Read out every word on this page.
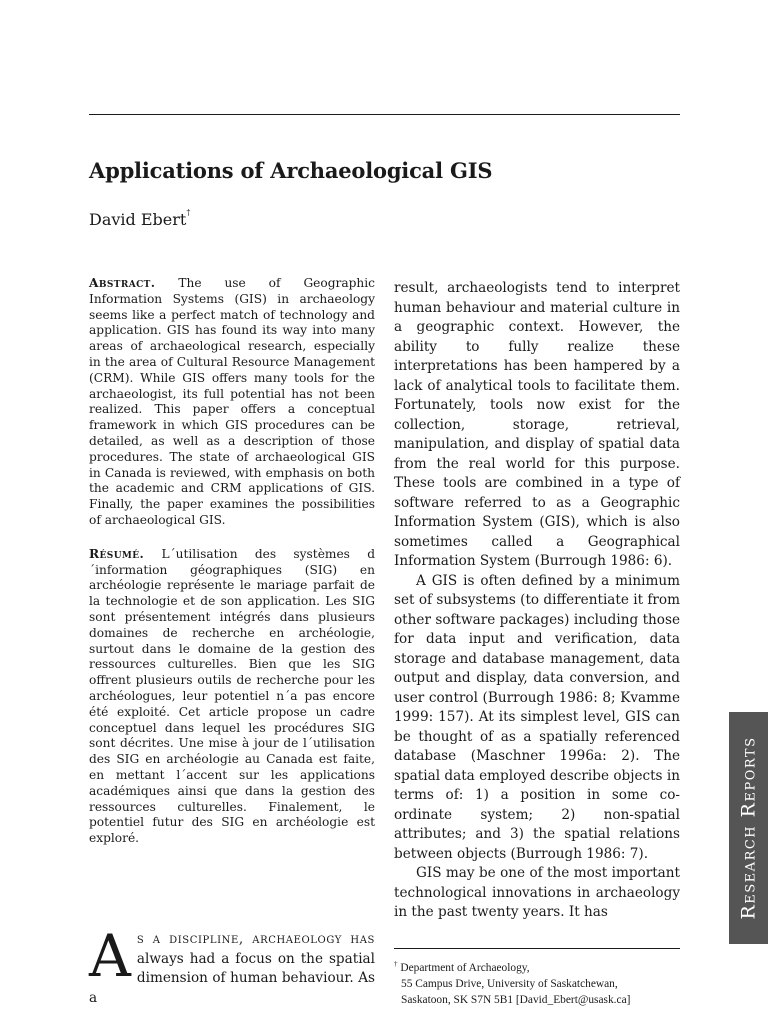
Applications of Archaeological GIS
David Ebert†

Abstract. The use of Geographic Information Systems (GIS) in archaeology seems like a perfect match of technology and application. GIS has found its way into many areas of archaeological research, especially in the area of Cultural Resource Management (CRM). While GIS offers many tools for the archaeologist, its full potential has not been realized. This paper offers a conceptual framework in which GIS procedures can be detailed, as well as a description of those procedures. The state of archaeological GIS in Canada is reviewed, with emphasis on both the academic and CRM applications of GIS. Finally, the paper examines the possibilities of archaeological GIS.

Résumé. L´utilisation des systèmes d´information géographiques (SIG) en archéologie représente le mariage parfait de la technologie et de son application. Les SIG sont présentement intégrés dans plusieurs domaines de recherche en archéologie, surtout dans le domaine de la gestion des ressources culturelles. Bien que les SIG offrent plusieurs outils de recherche pour les archéologues, leur potentiel n´a pas encore été exploité. Cet article propose un cadre conceptuel dans lequel les procédures SIG sont décrites. Une mise à jour de l´utilisation des SIG en archéologie au Canada est faite, en mettant l´accent sur les applications académiques ainsi que dans la gestion des ressources culturelles. Finalement, le potentiel futur des SIG en archéologie est exploré.

As a discipline, archaeology has always had a focus on the spatial dimension of human behaviour. As a

result, archaeologists tend to interpret human behaviour and material culture in a geographic context. However, the ability to fully realize these interpretations has been hampered by a lack of analytical tools to facilitate them. Fortunately, tools now exist for the collection, storage, retrieval, manipulation, and display of spatial data from the real world for this purpose. These tools are combined in a type of software referred to as a Geographic Information System (GIS), which is also sometimes called a Geographical Information System (Burrough 1986: 6).

A GIS is often defined by a minimum set of subsystems (to differentiate it from other software packages) including those for data input and verification, data storage and database management, data output and display, data conversion, and user control (Burrough 1986: 8; Kvamme 1999: 157). At its simplest level, GIS can be thought of as a spatially referenced database (Maschner 1996a: 2). The spatial data employed describe objects in terms of: 1) a position in some co-ordinate system; 2) non-spatial attributes; and 3) the spatial relations between objects (Burrough 1986: 7).

GIS may be one of the most important technological innovations in archaeology in the past twenty years. It has

† Department of Archaeology,
55 Campus Drive, University of Saskatchewan,
Saskatoon, SK S7N 5B1 [David_Ebert@usask.ca]
Research Reports
